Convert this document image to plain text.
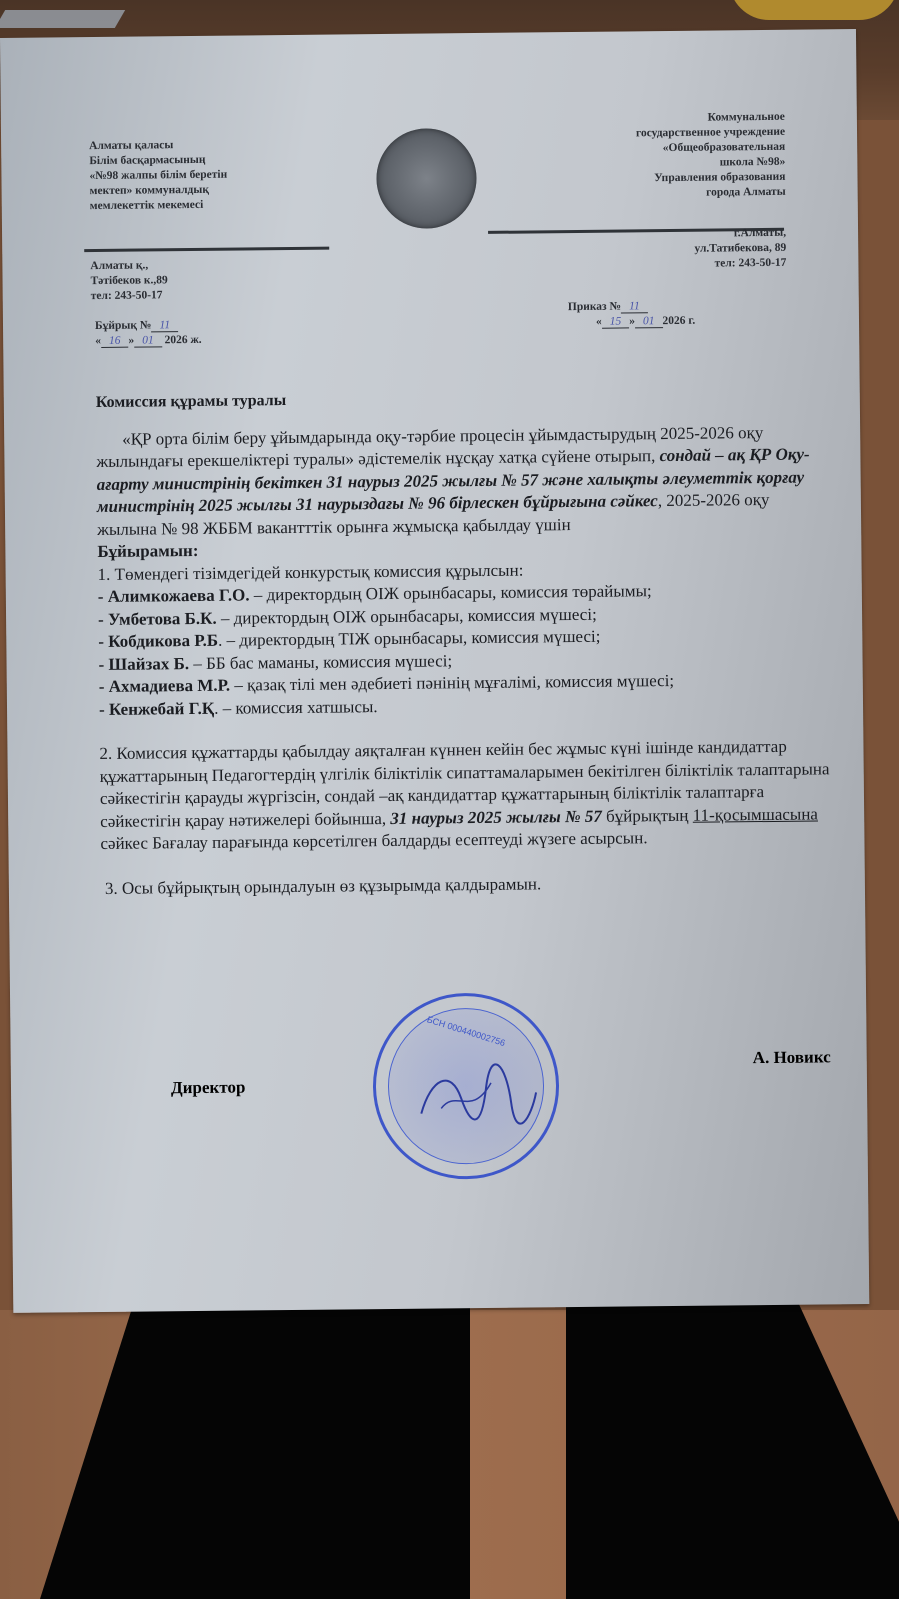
Алматы қаласы
Білім басқармасының
«№98 жалпы білім беретін
мектеп» коммуналдық
мемлекеттік мекемесі
Коммунальное
государственное учреждение
«Общеобразовательная
школа №98»
Управления образования
города Алматы
Алматы қ.,
Тәтібеков к.,89
тел: 243-50-17
г.Алматы,
ул.Татибекова, 89
тел: 243-50-17
Бұйрық № 11
« 16 » 01 2026 ж.
Приказ № 11
« 15 » 01 2026 г.
Комиссия құрамы туралы

«ҚР орта білім беру ұйымдарында оқу-тәрбие процесін ұйымдастырудың 2025-2026 оқу жылындағы ерекшеліктері туралы» әдістемелік нұсқау хатқа сүйене отырып, сондай – ақ ҚР Оқу-ағарту министрінің бекіткен 31 наурыз 2025 жылғы № 57 және халықты әлеуметтік қорғау министрінің 2025 жылғы 31 наурыздағы № 96 бірлескен бұйрығына сәйкес, 2025-2026 оқу жылына № 98 ЖББМ вакантттік орынға жұмысқа қабылдау үшін

Бұйырамын:

1. Төмендегі тізімдегідей конкурстық комиссия құрылсын:

- Алимкожаева Г.О. – директордың ОІЖ орынбасары, комиссия төрайымы;

- Умбетова Б.К. – директордың ОІЖ орынбасары, комиссия мүшесі;

- Кобдикова Р.Б. – директордың ТІЖ орынбасары, комиссия мүшесі;

- Шайзах Б. – ББ бас маманы, комиссия мүшесі;

- Ахмадиева М.Р. – қазақ тілі мен әдебиеті пәнінің мұғалімі, комиссия мүшесі;

- Кенжебай Г.Қ. – комиссия хатшысы.

2. Комиссия құжаттарды қабылдау аяқталған күннен кейін бес жұмыс күні ішінде кандидаттар құжаттарының Педагогтердің үлгілік біліктілік сипаттамаларымен бекітілген біліктілік талаптарына сәйкестігін қарауды жүргізсін, сондай –ақ кандидаттар құжаттарының біліктілік талаптарға сәйкестігін қарау нәтижелері бойынша, 31 наурыз 2025 жылғы № 57 бұйрықтың 11-қосымшасына сәйкес Бағалау парағында көрсетілген балдарды есептеуді жүзеге асырсын.

3. Осы бұйрықтың орындалуын өз құзырымда қалдырамын.

БСН 000440002756
Директор
А. Новикс
